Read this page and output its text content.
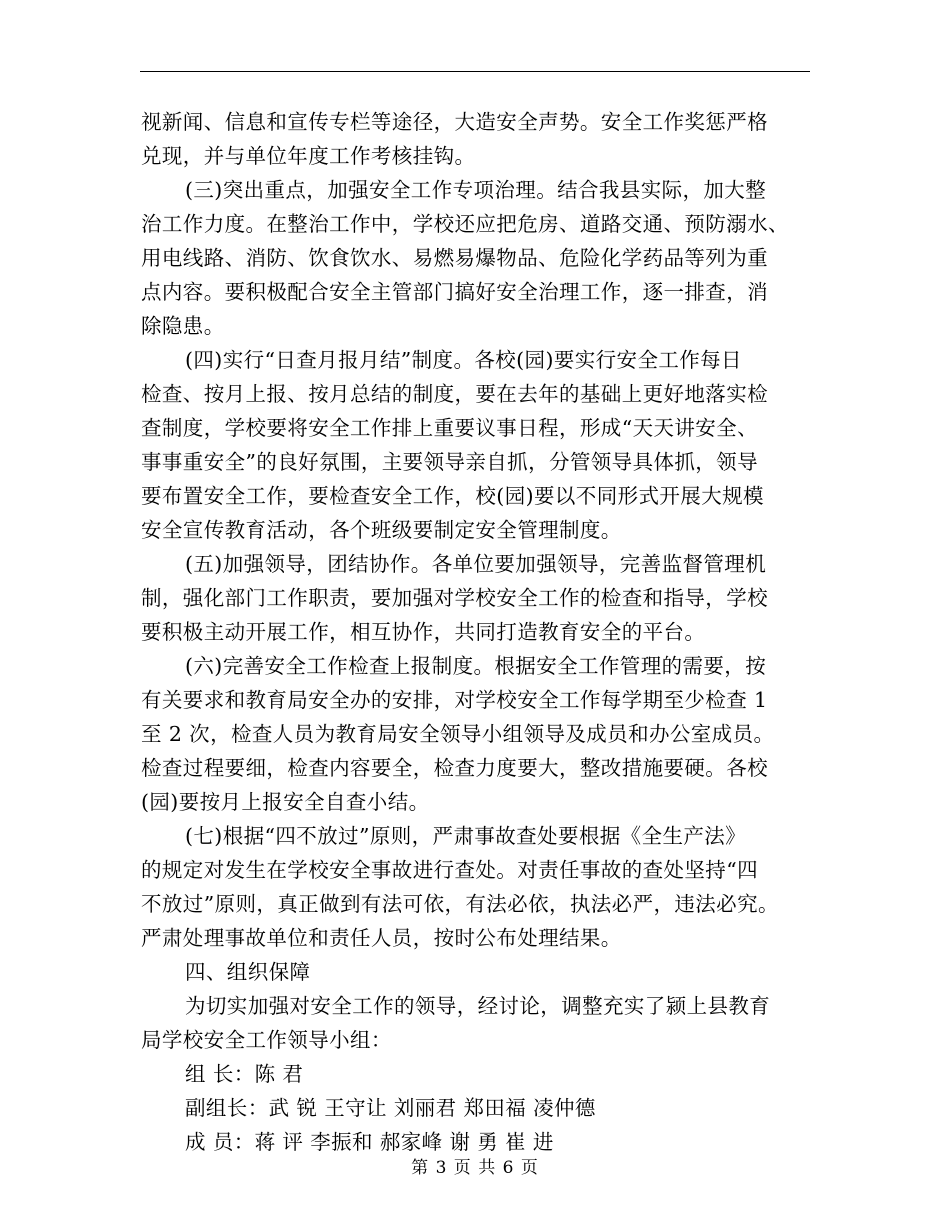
视新闻、信息和宣传专栏等途径，大造安全声势。安全工作奖惩严格

兑现，并与单位年度工作考核挂钩。

(三)突出重点，加强安全工作专项治理。结合我县实际，加大整

治工作力度。在整治工作中，学校还应把危房、道路交通、预防溺水、

用电线路、消防、饮食饮水、易燃易爆物品、危险化学药品等列为重

点内容。要积极配合安全主管部门搞好安全治理工作，逐一排查，消

除隐患。

(四)实行“日查月报月结”制度。各校(园)要实行安全工作每日

检查、按月上报、按月总结的制度，要在去年的基础上更好地落实检

查制度，学校要将安全工作排上重要议事日程，形成“天天讲安全、

事事重安全”的良好氛围，主要领导亲自抓，分管领导具体抓，领导

要布置安全工作，要检查安全工作，校(园)要以不同形式开展大规模

安全宣传教育活动，各个班级要制定安全管理制度。

(五)加强领导，团结协作。各单位要加强领导，完善监督管理机

制，强化部门工作职责，要加强对学校安全工作的检查和指导，学校

要积极主动开展工作，相互协作，共同打造教育安全的平台。

(六)完善安全工作检查上报制度。根据安全工作管理的需要，按

有关要求和教育局安全办的安排，对学校安全工作每学期至少检查 1

至 2 次，检查人员为教育局安全领导小组领导及成员和办公室成员。

检查过程要细，检查内容要全，检查力度要大，整改措施要硬。各校

(园)要按月上报安全自查小结。

(七)根据“四不放过”原则，严肃事故查处要根据《全生产法》

的规定对发生在学校安全事故进行查处。对责任事故的查处坚持“四

不放过”原则，真正做到有法可依，有法必依，执法必严，违法必究。

严肃处理事故单位和责任人员，按时公布处理结果。

四、组织保障

为切实加强对安全工作的领导，经讨论，调整充实了颍上县教育

局学校安全工作领导小组：

组 长：陈 君

副组长：武 锐 王守让 刘丽君 郑田福 凌仲德

成 员：蒋 评 李振和 郝家峰 谢 勇 崔 进

第 3 页 共 6 页
